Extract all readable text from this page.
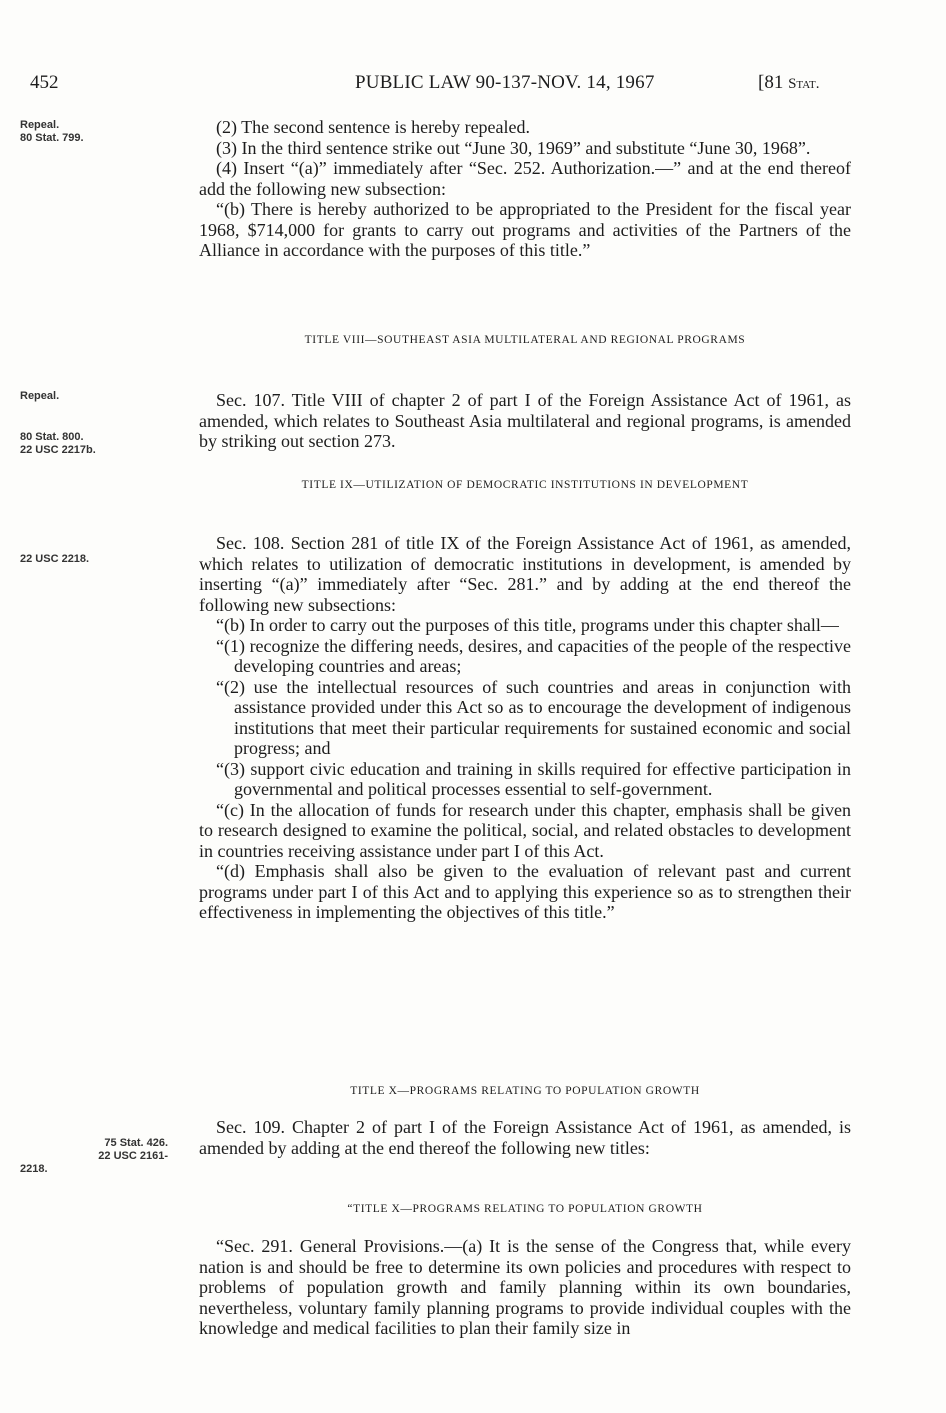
452	PUBLIC LAW 90-137-NOV. 14, 1967	[81 Stat.
Repeal.
80 Stat. 799.
Repeal.
80 Stat. 800.
22 USC 2217b.
22 USC 2218.
75 Stat. 426.
22 USC 2161-
2218.

(2) The second sentence is hereby repealed.

(3) In the third sentence strike out “June 30, 1969” and substitute “June 30, 1968”.

(4) Insert “(a)” immediately after “Sec. 252. Authorization.—” and at the end thereof add the following new subsection:

“(b) There is hereby authorized to be appropriated to the President for the fiscal year 1968, $714,000 for grants to carry out programs and activities of the Partners of the Alliance in accordance with the purposes of this title.”

TITLE VIII—SOUTHEAST ASIA MULTILATERAL AND REGIONAL PROGRAMS

Sec. 107. Title VIII of chapter 2 of part I of the Foreign Assistance Act of 1961, as amended, which relates to Southeast Asia multilateral and regional programs, is amended by striking out section 273.

TITLE IX—UTILIZATION OF DEMOCRATIC INSTITUTIONS IN DEVELOPMENT

Sec. 108. Section 281 of title IX of the Foreign Assistance Act of 1961, as amended, which relates to utilization of democratic institutions in development, is amended by inserting “(a)” immediately after “Sec. 281.” and by adding at the end thereof the following new subsections:

“(b) In order to carry out the purposes of this title, programs under this chapter shall—

“(1) recognize the differing needs, desires, and capacities of the people of the respective developing countries and areas;

“(2) use the intellectual resources of such countries and areas in conjunction with assistance provided under this Act so as to encourage the development of indigenous institutions that meet their particular requirements for sustained economic and social progress; and

“(3) support civic education and training in skills required for effective participation in governmental and political processes essential to self-government.

“(c) In the allocation of funds for research under this chapter, emphasis shall be given to research designed to examine the political, social, and related obstacles to development in countries receiving assistance under part I of this Act.

“(d) Emphasis shall also be given to the evaluation of relevant past and current programs under part I of this Act and to applying this experience so as to strengthen their effectiveness in implementing the objectives of this title.”

TITLE X—PROGRAMS RELATING TO POPULATION GROWTH

Sec. 109. Chapter 2 of part I of the Foreign Assistance Act of 1961, as amended, is amended by adding at the end thereof the following new titles:

“TITLE X—PROGRAMS RELATING TO POPULATION GROWTH

“Sec. 291. General Provisions.—(a) It is the sense of the Congress that, while every nation is and should be free to determine its own policies and procedures with respect to problems of population growth and family planning within its own boundaries, nevertheless, voluntary family planning programs to provide individual couples with the knowledge and medical facilities to plan their family size in
